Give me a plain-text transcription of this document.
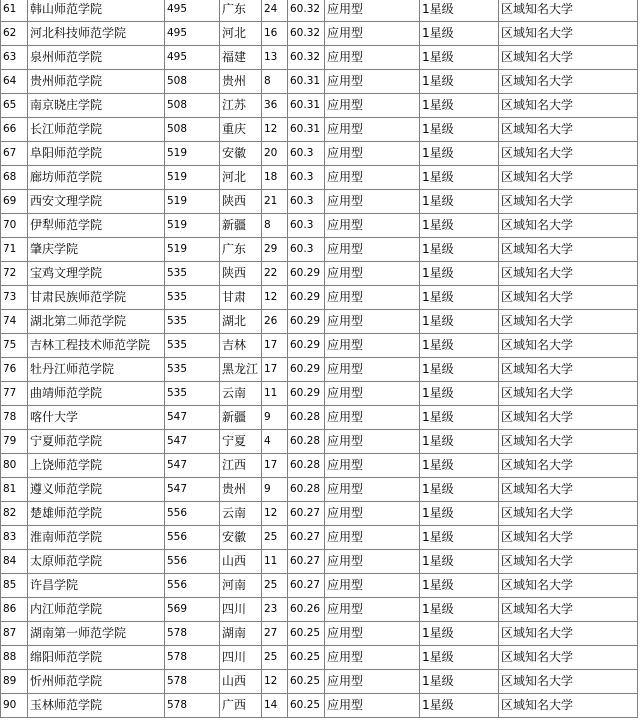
61	韩山师范学院	495	广东	24	60.32	应用型	1星级	区域知名大学
62	河北科技师范学院	495	河北	16	60.32	应用型	1星级	区域知名大学
63	泉州师范学院	495	福建	13	60.32	应用型	1星级	区域知名大学
64	贵州师范学院	508	贵州	8	60.31	应用型	1星级	区域知名大学
65	南京晓庄学院	508	江苏	36	60.31	应用型	1星级	区域知名大学
66	长江师范学院	508	重庆	12	60.31	应用型	1星级	区域知名大学
67	阜阳师范学院	519	安徽	20	60.3	应用型	1星级	区域知名大学
68	廊坊师范学院	519	河北	18	60.3	应用型	1星级	区域知名大学
69	西安文理学院	519	陕西	21	60.3	应用型	1星级	区域知名大学
70	伊犁师范学院	519	新疆	8	60.3	应用型	1星级	区域知名大学
71	肇庆学院	519	广东	29	60.3	应用型	1星级	区域知名大学
72	宝鸡文理学院	535	陕西	22	60.29	应用型	1星级	区域知名大学
73	甘肃民族师范学院	535	甘肃	12	60.29	应用型	1星级	区域知名大学
74	湖北第二师范学院	535	湖北	26	60.29	应用型	1星级	区域知名大学
75	吉林工程技术师范学院	535	吉林	17	60.29	应用型	1星级	区域知名大学
76	牡丹江师范学院	535	黑龙江	17	60.29	应用型	1星级	区域知名大学
77	曲靖师范学院	535	云南	11	60.29	应用型	1星级	区域知名大学
78	喀什大学	547	新疆	9	60.28	应用型	1星级	区域知名大学
79	宁夏师范学院	547	宁夏	4	60.28	应用型	1星级	区域知名大学
80	上饶师范学院	547	江西	17	60.28	应用型	1星级	区域知名大学
81	遵义师范学院	547	贵州	9	60.28	应用型	1星级	区域知名大学
82	楚雄师范学院	556	云南	12	60.27	应用型	1星级	区域知名大学
83	淮南师范学院	556	安徽	25	60.27	应用型	1星级	区域知名大学
84	太原师范学院	556	山西	11	60.27	应用型	1星级	区域知名大学
85	许昌学院	556	河南	25	60.27	应用型	1星级	区域知名大学
86	内江师范学院	569	四川	23	60.26	应用型	1星级	区域知名大学
87	湖南第一师范学院	578	湖南	27	60.25	应用型	1星级	区域知名大学
88	绵阳师范学院	578	四川	25	60.25	应用型	1星级	区域知名大学
89	忻州师范学院	578	山西	12	60.25	应用型	1星级	区域知名大学
90	玉林师范学院	578	广西	14	60.25	应用型	1星级	区域知名大学
